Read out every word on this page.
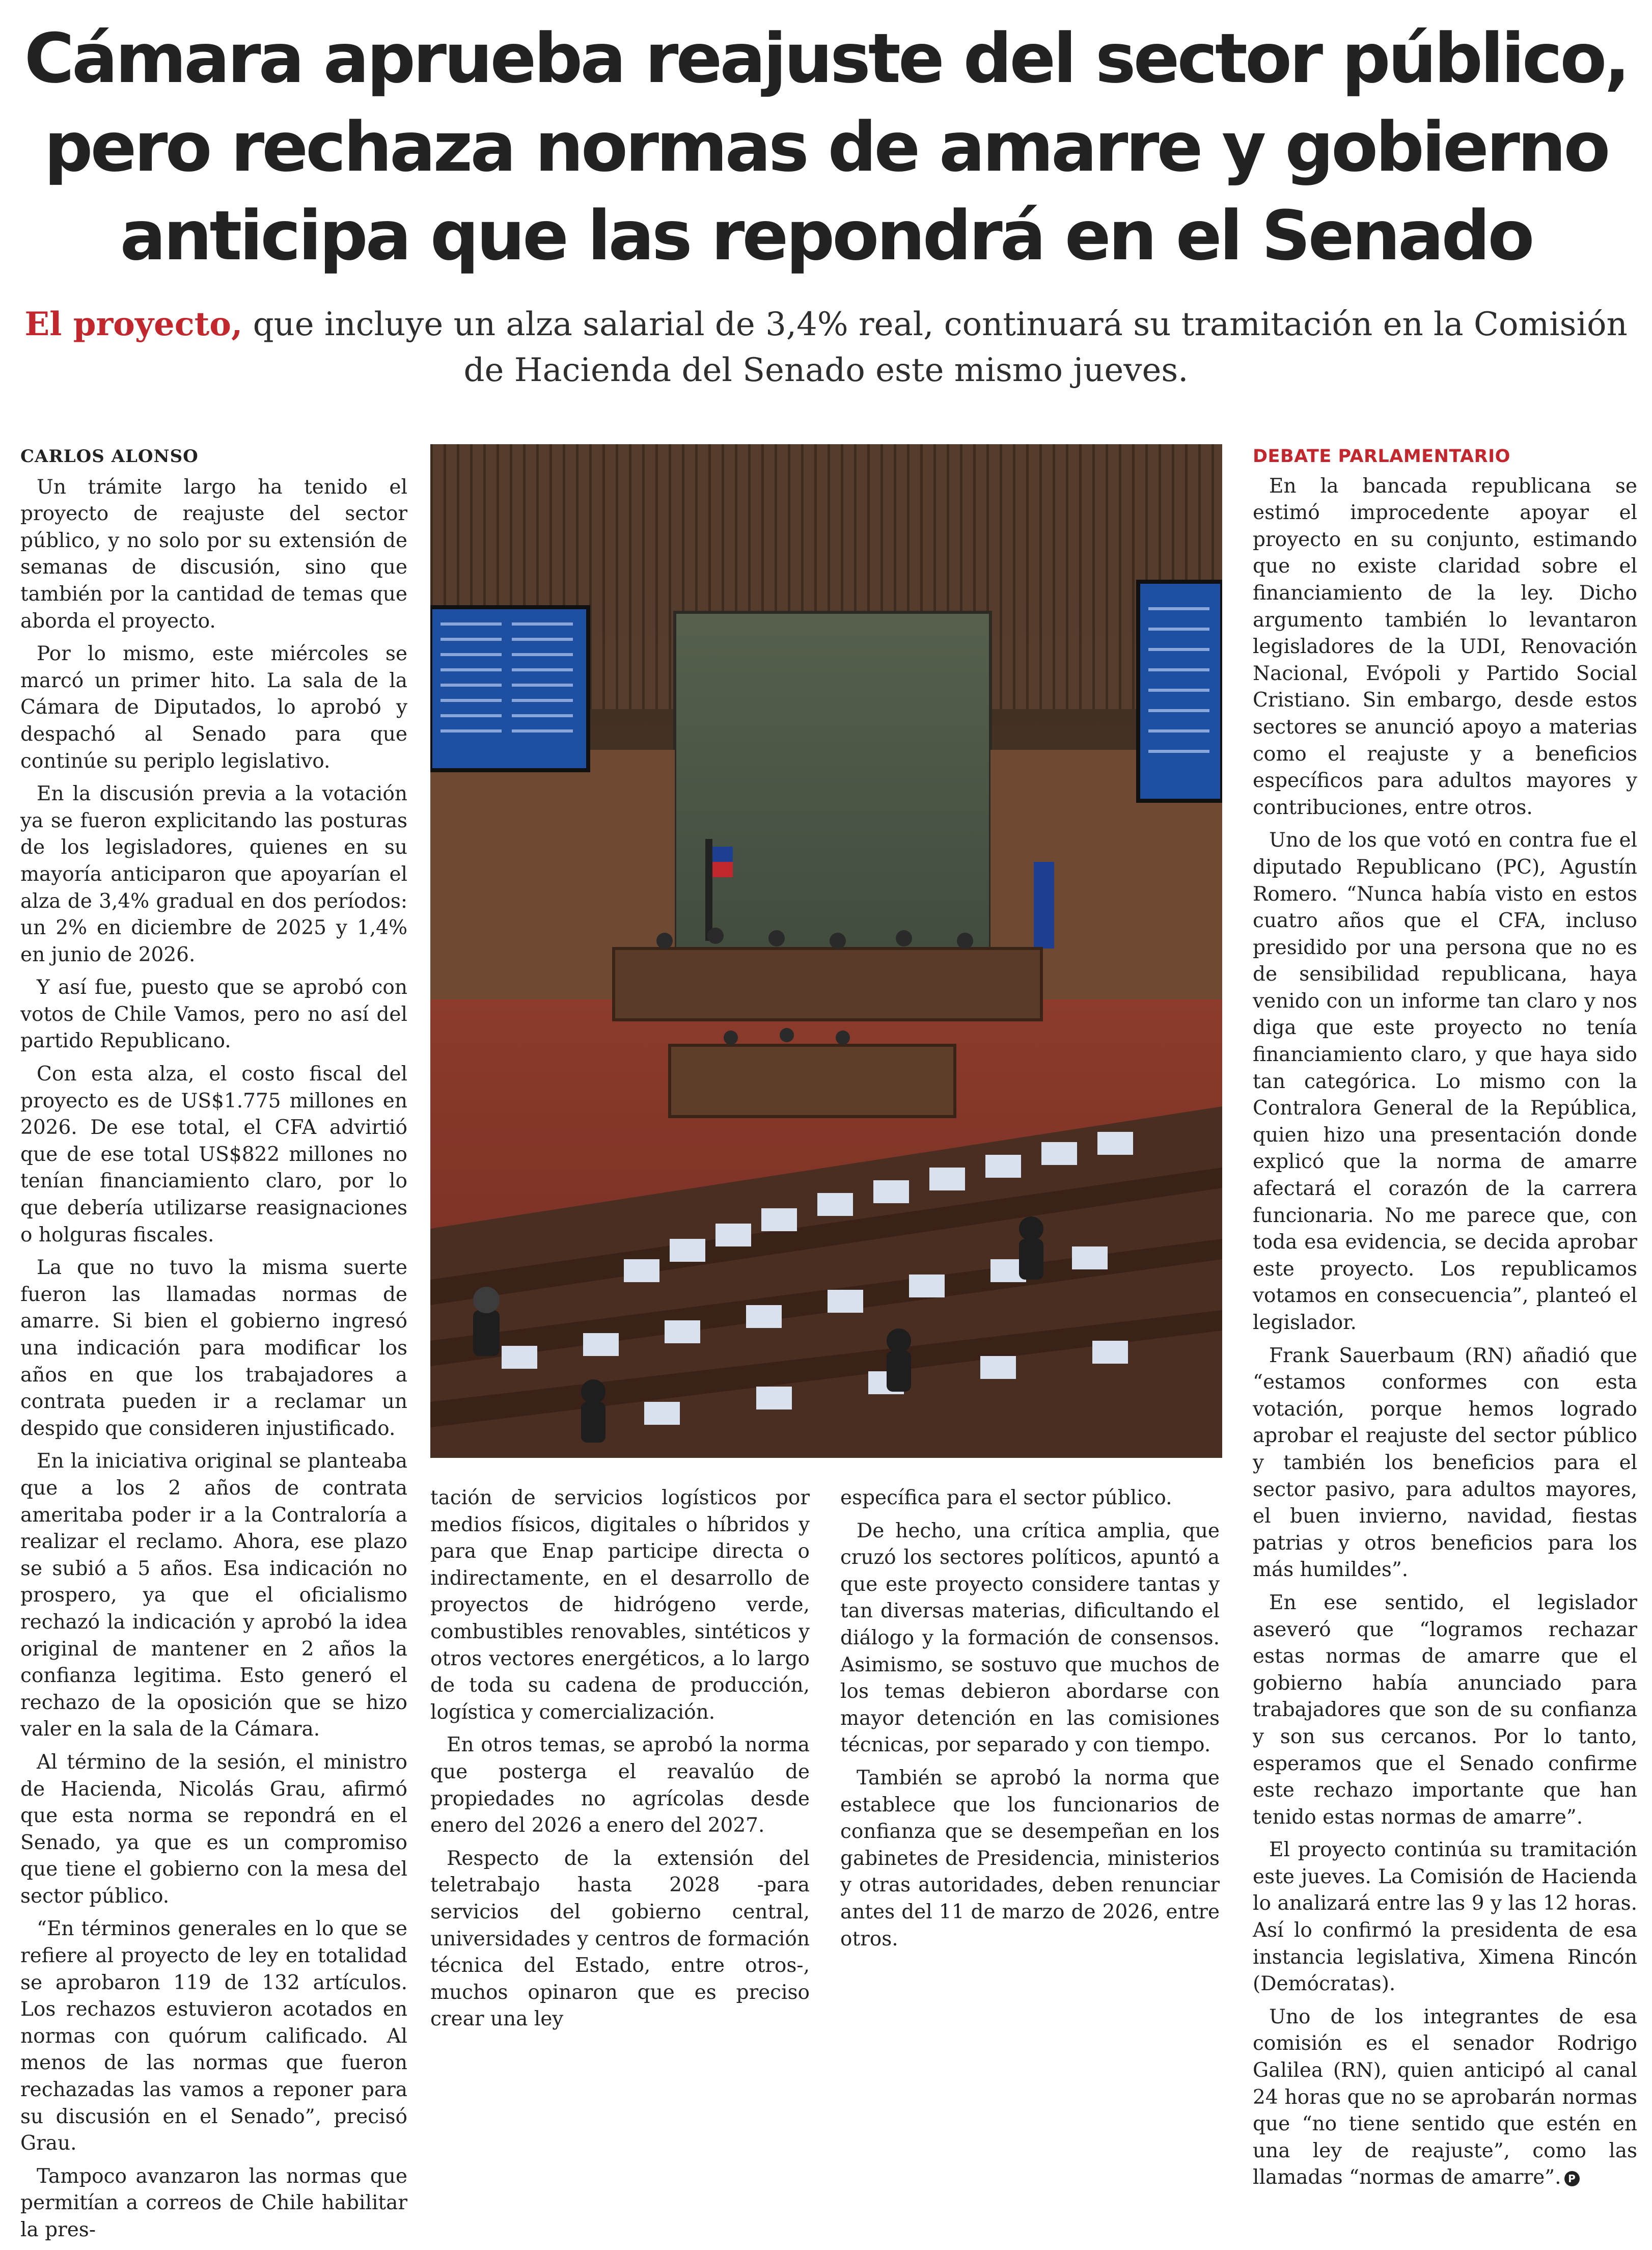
Cámara aprueba reajuste del sector público,
pero rechaza normas de amarre y gobierno
anticipa que las repondrá en el Senado

El proyecto, que incluye un alza salarial de 3,4% real, continuará su tramitación en la Comisión de Hacienda del Senado este mismo jueves.

CARLOS ALONSO

Un trámite largo ha tenido el proyecto de reajuste del sector público, y no solo por su extensión de semanas de discusión, sino que también por la cantidad de temas que aborda el proyecto.

Por lo mismo, este miércoles se marcó un primer hito. La sala de la Cámara de Diputados, lo aprobó y despachó al Senado para que continúe su periplo legislativo.

En la discusión previa a la votación ya se fueron explicitando las posturas de los legisladores, quienes en su mayoría anticiparon que apoyarían el alza de 3,4% gradual en dos períodos: un 2% en diciembre de 2025 y 1,4% en junio de 2026.

Y así fue, puesto que se aprobó con votos de Chile Vamos, pero no así del partido Republicano.

Con esta alza, el costo fiscal del proyecto es de US$1.775 millones en 2026. De ese total, el CFA advirtió que de ese total US$822 millones no tenían financiamiento claro, por lo que debería utilizarse reasignaciones o holguras fiscales.

La que no tuvo la misma suerte fueron las llamadas normas de amarre. Si bien el gobierno ingresó una indicación para modificar los años en que los trabajadores a contrata pueden ir a reclamar un despido que consideren injustificado.

En la iniciativa original se planteaba que a los 2 años de contrata ameritaba poder ir a la Contraloría a realizar el reclamo. Ahora, ese plazo se subió a 5 años. Esa indicación no prospero, ya que el oficialismo rechazó la indicación y aprobó la idea original de mantener en 2 años la confianza legitima. Esto generó el rechazo de la oposición que se hizo valer en la sala de la Cámara.

Al término de la sesión, el ministro de Hacienda, Nicolás Grau, afirmó que esta norma se repondrá en el Senado, ya que es un compromiso que tiene el gobierno con la mesa del sector público.

“En términos generales en lo que se refiere al proyecto de ley en totalidad se aprobaron 119 de 132 artículos. Los rechazos estuvieron acotados en normas con quórum calificado. Al menos de las normas que fueron rechazadas las vamos a reponer para su discusión en el Senado”, precisó Grau.

Tampoco avanzaron las normas que permitían a correos de Chile habilitar la pres-

tación de servicios logísticos por medios físicos, digitales o híbridos y para que Enap participe directa o indirectamente, en el desarrollo de proyectos de hidrógeno verde, combustibles renovables, sintéticos y otros vectores energéticos, a lo largo de toda su cadena de producción, logística y comercialización.

En otros temas, se aprobó la norma que posterga el reavalúo de propiedades no agrícolas desde enero del 2026 a enero del 2027.

Respecto de la extensión del teletrabajo hasta 2028 -para servicios del gobierno central, universidades y centros de formación técnica del Estado, entre otros-, muchos opinaron que es preciso crear una ley

específica para el sector público.

De hecho, una crítica amplia, que cruzó los sectores políticos, apuntó a que este proyecto considere tantas y tan diversas materias, dificultando el diálogo y la formación de consensos. Asimismo, se sostuvo que muchos de los temas debieron abordarse con mayor detención en las comisiones técnicas, por separado y con tiempo.

También se aprobó la norma que establece que los funcionarios de confianza que se desempeñan en los gabinetes de Presidencia, ministerios y otras autoridades, deben renunciar antes del 11 de marzo de 2026, entre otros.

DEBATE PARLAMENTARIO

En la bancada republicana se estimó improcedente apoyar el proyecto en su conjunto, estimando que no existe claridad sobre el financiamiento de la ley. Dicho argumento también lo levantaron legisladores de la UDI, Renovación Nacional, Evópoli y Partido Social Cristiano. Sin embargo, desde estos sectores se anunció apoyo a materias como el reajuste y a beneficios específicos para adultos mayores y contribuciones, entre otros.

Uno de los que votó en contra fue el diputado Republicano (PC), Agustín Romero. “Nunca había visto en estos cuatro años que el CFA, incluso presidido por una persona que no es de sensibilidad republicana, haya venido con un informe tan claro y nos diga que este proyecto no tenía financiamiento claro, y que haya sido tan categórica. Lo mismo con la Contralora General de la República, quien hizo una presentación donde explicó que la norma de amarre afectará el corazón de la carrera funcionaria. No me parece que, con toda esa evidencia, se decida aprobar este proyecto. Los republicamos votamos en consecuencia”, planteó el legislador.

Frank Sauerbaum (RN) añadió que “estamos conformes con esta votación, porque hemos logrado aprobar el reajuste del sector público y también los beneficios para el sector pasivo, para adultos mayores, el buen invierno, navidad, fiestas patrias y otros beneficios para los más humildes”.

En ese sentido, el legislador aseveró que “logramos rechazar estas normas de amarre que el gobierno había anunciado para trabajadores que son de su confianza y son sus cercanos. Por lo tanto, esperamos que el Senado confirme este rechazo importante que han tenido estas normas de amarre”.

El proyecto continúa su tramitación este jueves. La Comisión de Hacienda lo analizará entre las 9 y las 12 horas. Así lo confirmó la presidenta de esa instancia legislativa, Ximena Rincón (Demócratas).

Uno de los integrantes de esa comisión es el senador Rodrigo Galilea (RN), quien anticipó al canal 24 horas que no se aprobarán normas que “no tiene sentido que estén en una ley de reajuste”, como las llamadas “normas de amarre”. P
